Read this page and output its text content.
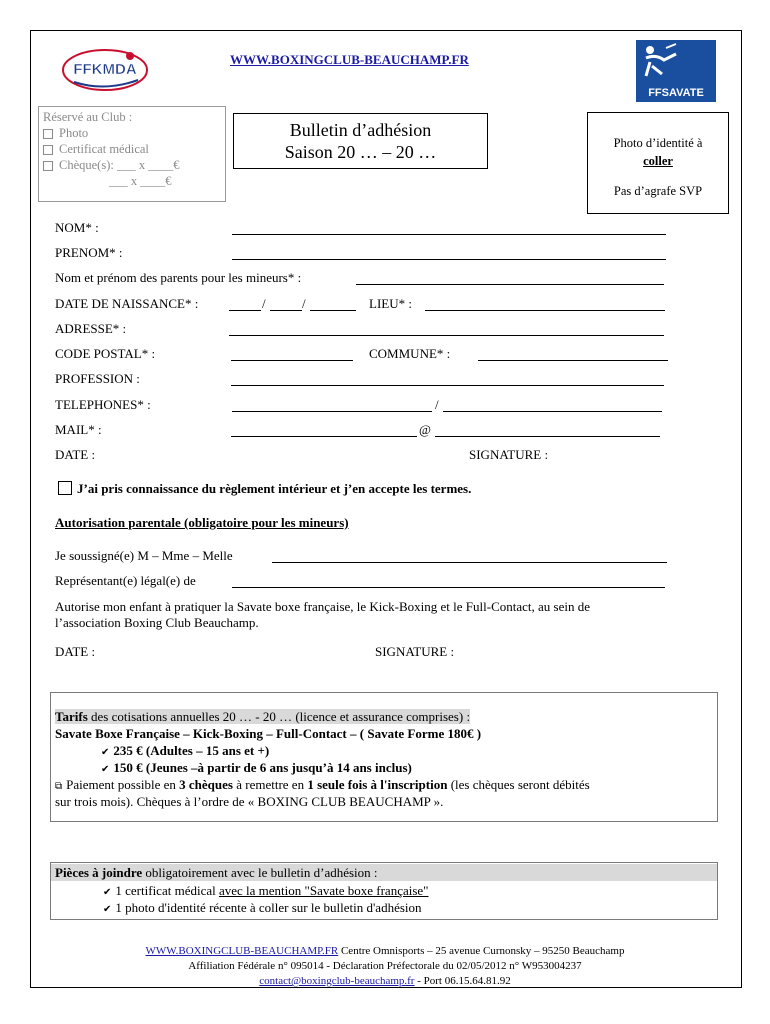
FFKMDA
WWW.BOXINGCLUB-BEAUCHAMP.FR
FFSAVATE
Réservé au Club :
Photo
Certificat médical
Chèque(s): ___ x ____€
___ x ____€
Bulletin d’adhésion
Saison 20 … – 20 …	Photo d’identité à
coller
Pas d’agrafe SVP
NOM* :
PRENOM* :
Nom et prénom des parents pour les mineurs* :
DATE DE NAISSANCE* :	/	/	LIEU* :
ADRESSE* :
CODE POSTAL* :	COMMUNE* :
PROFESSION :
TELEPHONES* :	/
MAIL* :	@
DATE :	SIGNATURE :
J’ai pris connaissance du règlement intérieur et j’en accepte les termes.
Autorisation parentale (obligatoire pour les mineurs)
Je soussigné(e) M – Mme – Melle
Représentant(e) légal(e) de
Autorise mon enfant à pratiquer la Savate boxe française, le Kick-Boxing et le Full-Contact, au sein de
l’association Boxing Club Beauchamp.
DATE :	SIGNATURE :
Tarifs des cotisations annuelles 20 … - 20 … (licence et assurance comprises) :
Savate Boxe Française – Kick-Boxing – Full-Contact – ( Savate Forme 180€ )
✔ 235 € (Adultes – 15 ans et +)
✔ 150 € (Jeunes –à partir de 6 ans jusqu’à 14 ans inclus)
⧉ Paiement possible en 3 chèques à remettre en 1 seule fois à l'inscription (les chèques seront débités
sur trois mois). Chèques à l’ordre de « BOXING CLUB BEAUCHAMP ».
Pièces à joindre obligatoirement avec le bulletin d’adhésion :
✔ 1 certificat médical avec la mention "Savate boxe française"
✔ 1 photo d'identité récente à coller sur le bulletin d'adhésion
WWW.BOXINGCLUB-BEAUCHAMP.FR Centre Omnisports – 25 avenue Curnonsky – 95250 Beauchamp
Affiliation Fédérale n° 095014 - Déclaration Préfectorale du 02/05/2012 n° W953004237
contact@boxingclub-beauchamp.fr - Port 06.15.64.81.92
